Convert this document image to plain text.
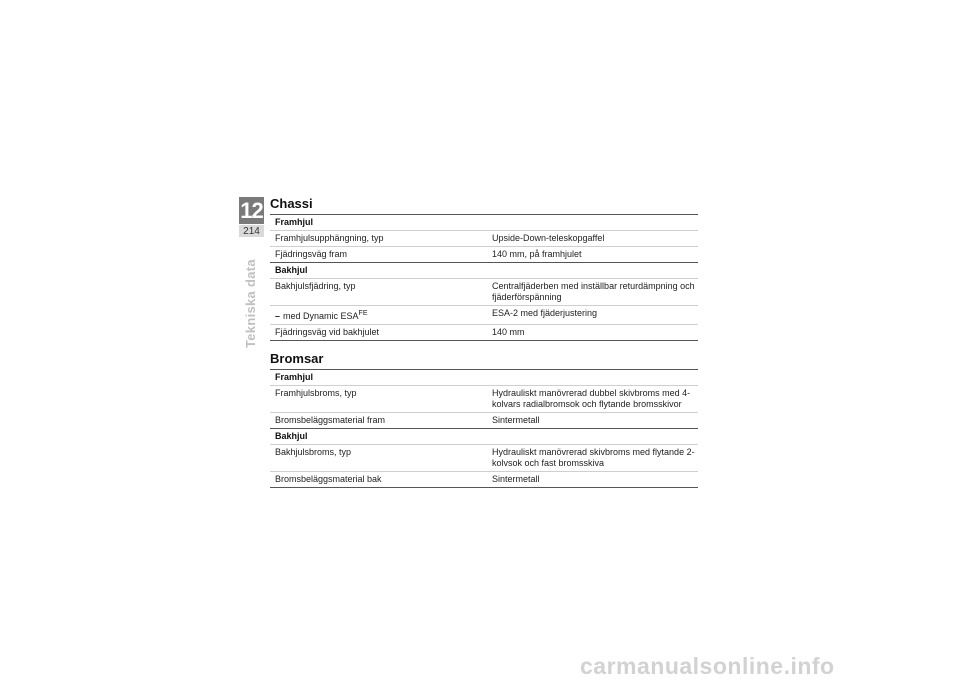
12
214
Tekniska data
Chassi
Framhjul	
Framhjulsupphängning, typ	Upside-Down-teleskopgaffel
Fjädringsväg fram	140 mm, på framhjulet
Bakhjul	
Bakhjulsfjädring, typ	Centralfjäderben med inställbar returdämpning och fjäderförspänning
– med Dynamic $ESA^{FE}$	ESA-2 med fjäderjustering
Fjädringsväg vid bakhjulet	140 mm
Bromsar
Framhjul	
Framhjulsbroms, typ	Hydrauliskt manövrerad dubbel skivbroms med 4-kolvars radialbromsok och flytande bromsskivor
Bromsbeläggsmaterial fram	Sintermetall
Bakhjul	
Bakhjulsbroms, typ	Hydrauliskt manövrerad skivbroms med flytande 2-kolvsok och fast bromsskiva
Bromsbeläggsmaterial bak	Sintermetall
carmanualsonline.info
